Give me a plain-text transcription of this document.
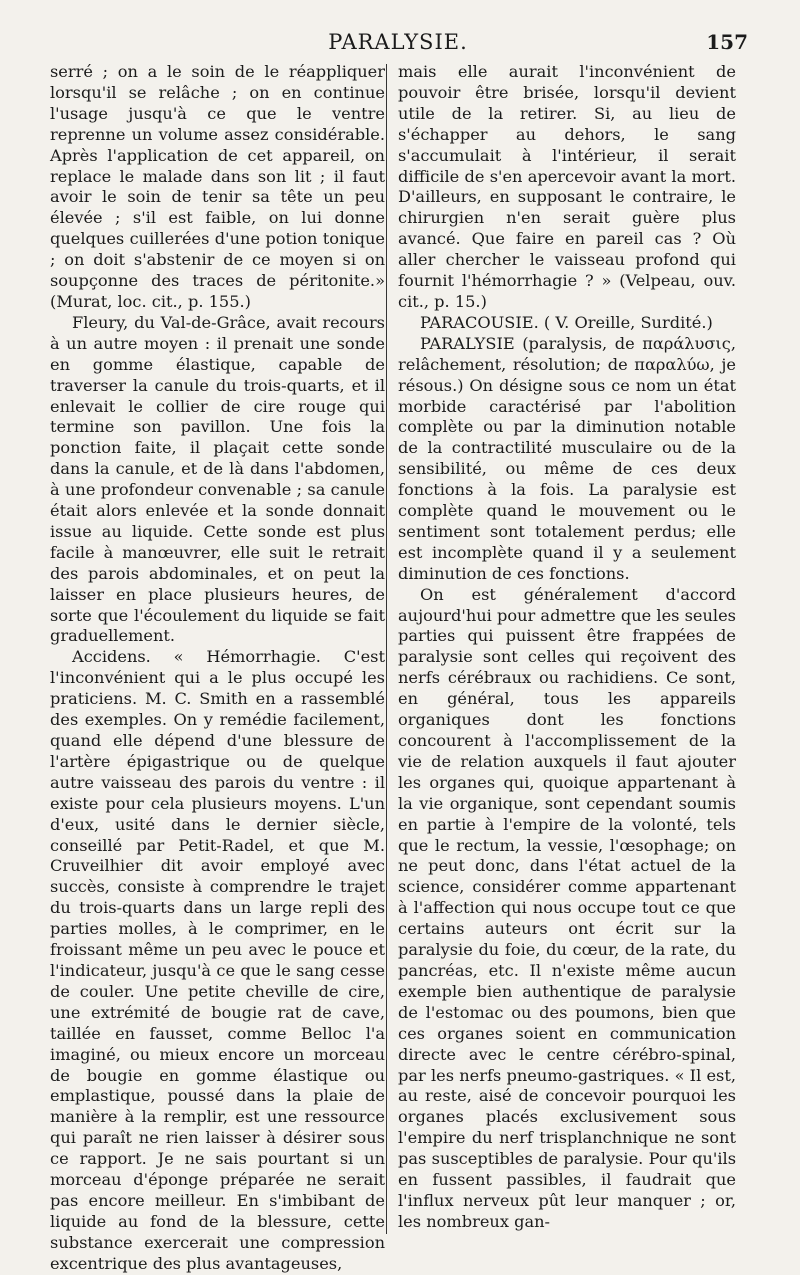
PARALYSIE.	157

serré ; on a le soin de le réappliquer lorsqu'il se relâche ; on en continue l'usage jusqu'à ce que le ventre reprenne un volume assez considérable. Après l'application de cet appareil, on replace le malade dans son lit ; il faut avoir le soin de tenir sa tête un peu élevée ; s'il est faible, on lui donne quelques cuillerées d'une potion tonique ; on doit s'abstenir de ce moyen si on soupçonne des traces de péritonite.» (Murat, loc. cit., p. 155.)

Fleury, du Val-de-Grâce, avait recours à un autre moyen : il prenait une sonde en gomme élastique, capable de traverser la canule du trois-quarts, et il enlevait le collier de cire rouge qui termine son pavillon. Une fois la ponction faite, il plaçait cette sonde dans la canule, et de là dans l'abdomen, à une profondeur convenable ; sa canule était alors enlevée et la sonde donnait issue au liquide. Cette sonde est plus facile à manœuvrer, elle suit le retrait des parois abdominales, et on peut la laisser en place plusieurs heures, de sorte que l'écoulement du liquide se fait graduellement.

Accidens. « Hémorrhagie. C'est l'inconvénient qui a le plus occupé les praticiens. M. C. Smith en a rassemblé des exemples. On y remédie facilement, quand elle dépend d'une blessure de l'artère épigastrique ou de quelque autre vaisseau des parois du ventre : il existe pour cela plusieurs moyens. L'un d'eux, usité dans le dernier siècle, conseillé par Petit-Radel, et que M. Cruveilhier dit avoir employé avec succès, consiste à comprendre le trajet du trois-quarts dans un large repli des parties molles, à le comprimer, en le froissant même un peu avec le pouce et l'indicateur, jusqu'à ce que le sang cesse de couler. Une petite cheville de cire, une extrémité de bougie rat de cave, taillée en fausset, comme Belloc l'a imaginé, ou mieux encore un morceau de bougie en gomme élastique ou emplastique, poussé dans la plaie de manière à la remplir, est une ressource qui paraît ne rien laisser à désirer sous ce rapport. Je ne sais pourtant si un morceau d'éponge préparée ne serait pas encore meilleur. En s'imbibant de liquide au fond de la blessure, cette substance exercerait une compression excentrique des plus avantageuses,

mais elle aurait l'inconvénient de pouvoir être brisée, lorsqu'il devient utile de la retirer. Si, au lieu de s'échapper au dehors, le sang s'accumulait à l'intérieur, il serait difficile de s'en apercevoir avant la mort. D'ailleurs, en supposant le contraire, le chirurgien n'en serait guère plus avancé. Que faire en pareil cas ? Où aller chercher le vaisseau profond qui fournit l'hémorrhagie ? » (Velpeau, ouv. cit., p. 15.)

PARACOUSIE. ( V. Oreille, Surdité.)

PARALYSIE (paralysis, de παράλυσις, relâchement, résolution; de παραλύω, je résous.) On désigne sous ce nom un état morbide caractérisé par l'abolition complète ou par la diminution notable de la contractilité musculaire ou de la sensibilité, ou même de ces deux fonctions à la fois. La paralysie est complète quand le mouvement ou le sentiment sont totalement perdus; elle est incomplète quand il y a seulement diminution de ces fonctions.

On est généralement d'accord aujourd'hui pour admettre que les seules parties qui puissent être frappées de paralysie sont celles qui reçoivent des nerfs cérébraux ou rachidiens. Ce sont, en général, tous les appareils organiques dont les fonctions concourent à l'accomplissement de la vie de relation auxquels il faut ajouter les organes qui, quoique appartenant à la vie organique, sont cependant soumis en partie à l'empire de la volonté, tels que le rectum, la vessie, l'œsophage; on ne peut donc, dans l'état actuel de la science, considérer comme appartenant à l'affection qui nous occupe tout ce que certains auteurs ont écrit sur la paralysie du foie, du cœur, de la rate, du pancréas, etc. Il n'existe même aucun exemple bien authentique de paralysie de l'estomac ou des poumons, bien que ces organes soient en communication directe avec le centre cérébro-spinal, par les nerfs pneumo-gastriques. « Il est, au reste, aisé de concevoir pourquoi les organes placés exclusivement sous l'empire du nerf trisplanchnique ne sont pas susceptibles de paralysie. Pour qu'ils en fussent passibles, il faudrait que l'influx nerveux pût leur manquer ; or, les nombreux gan-
